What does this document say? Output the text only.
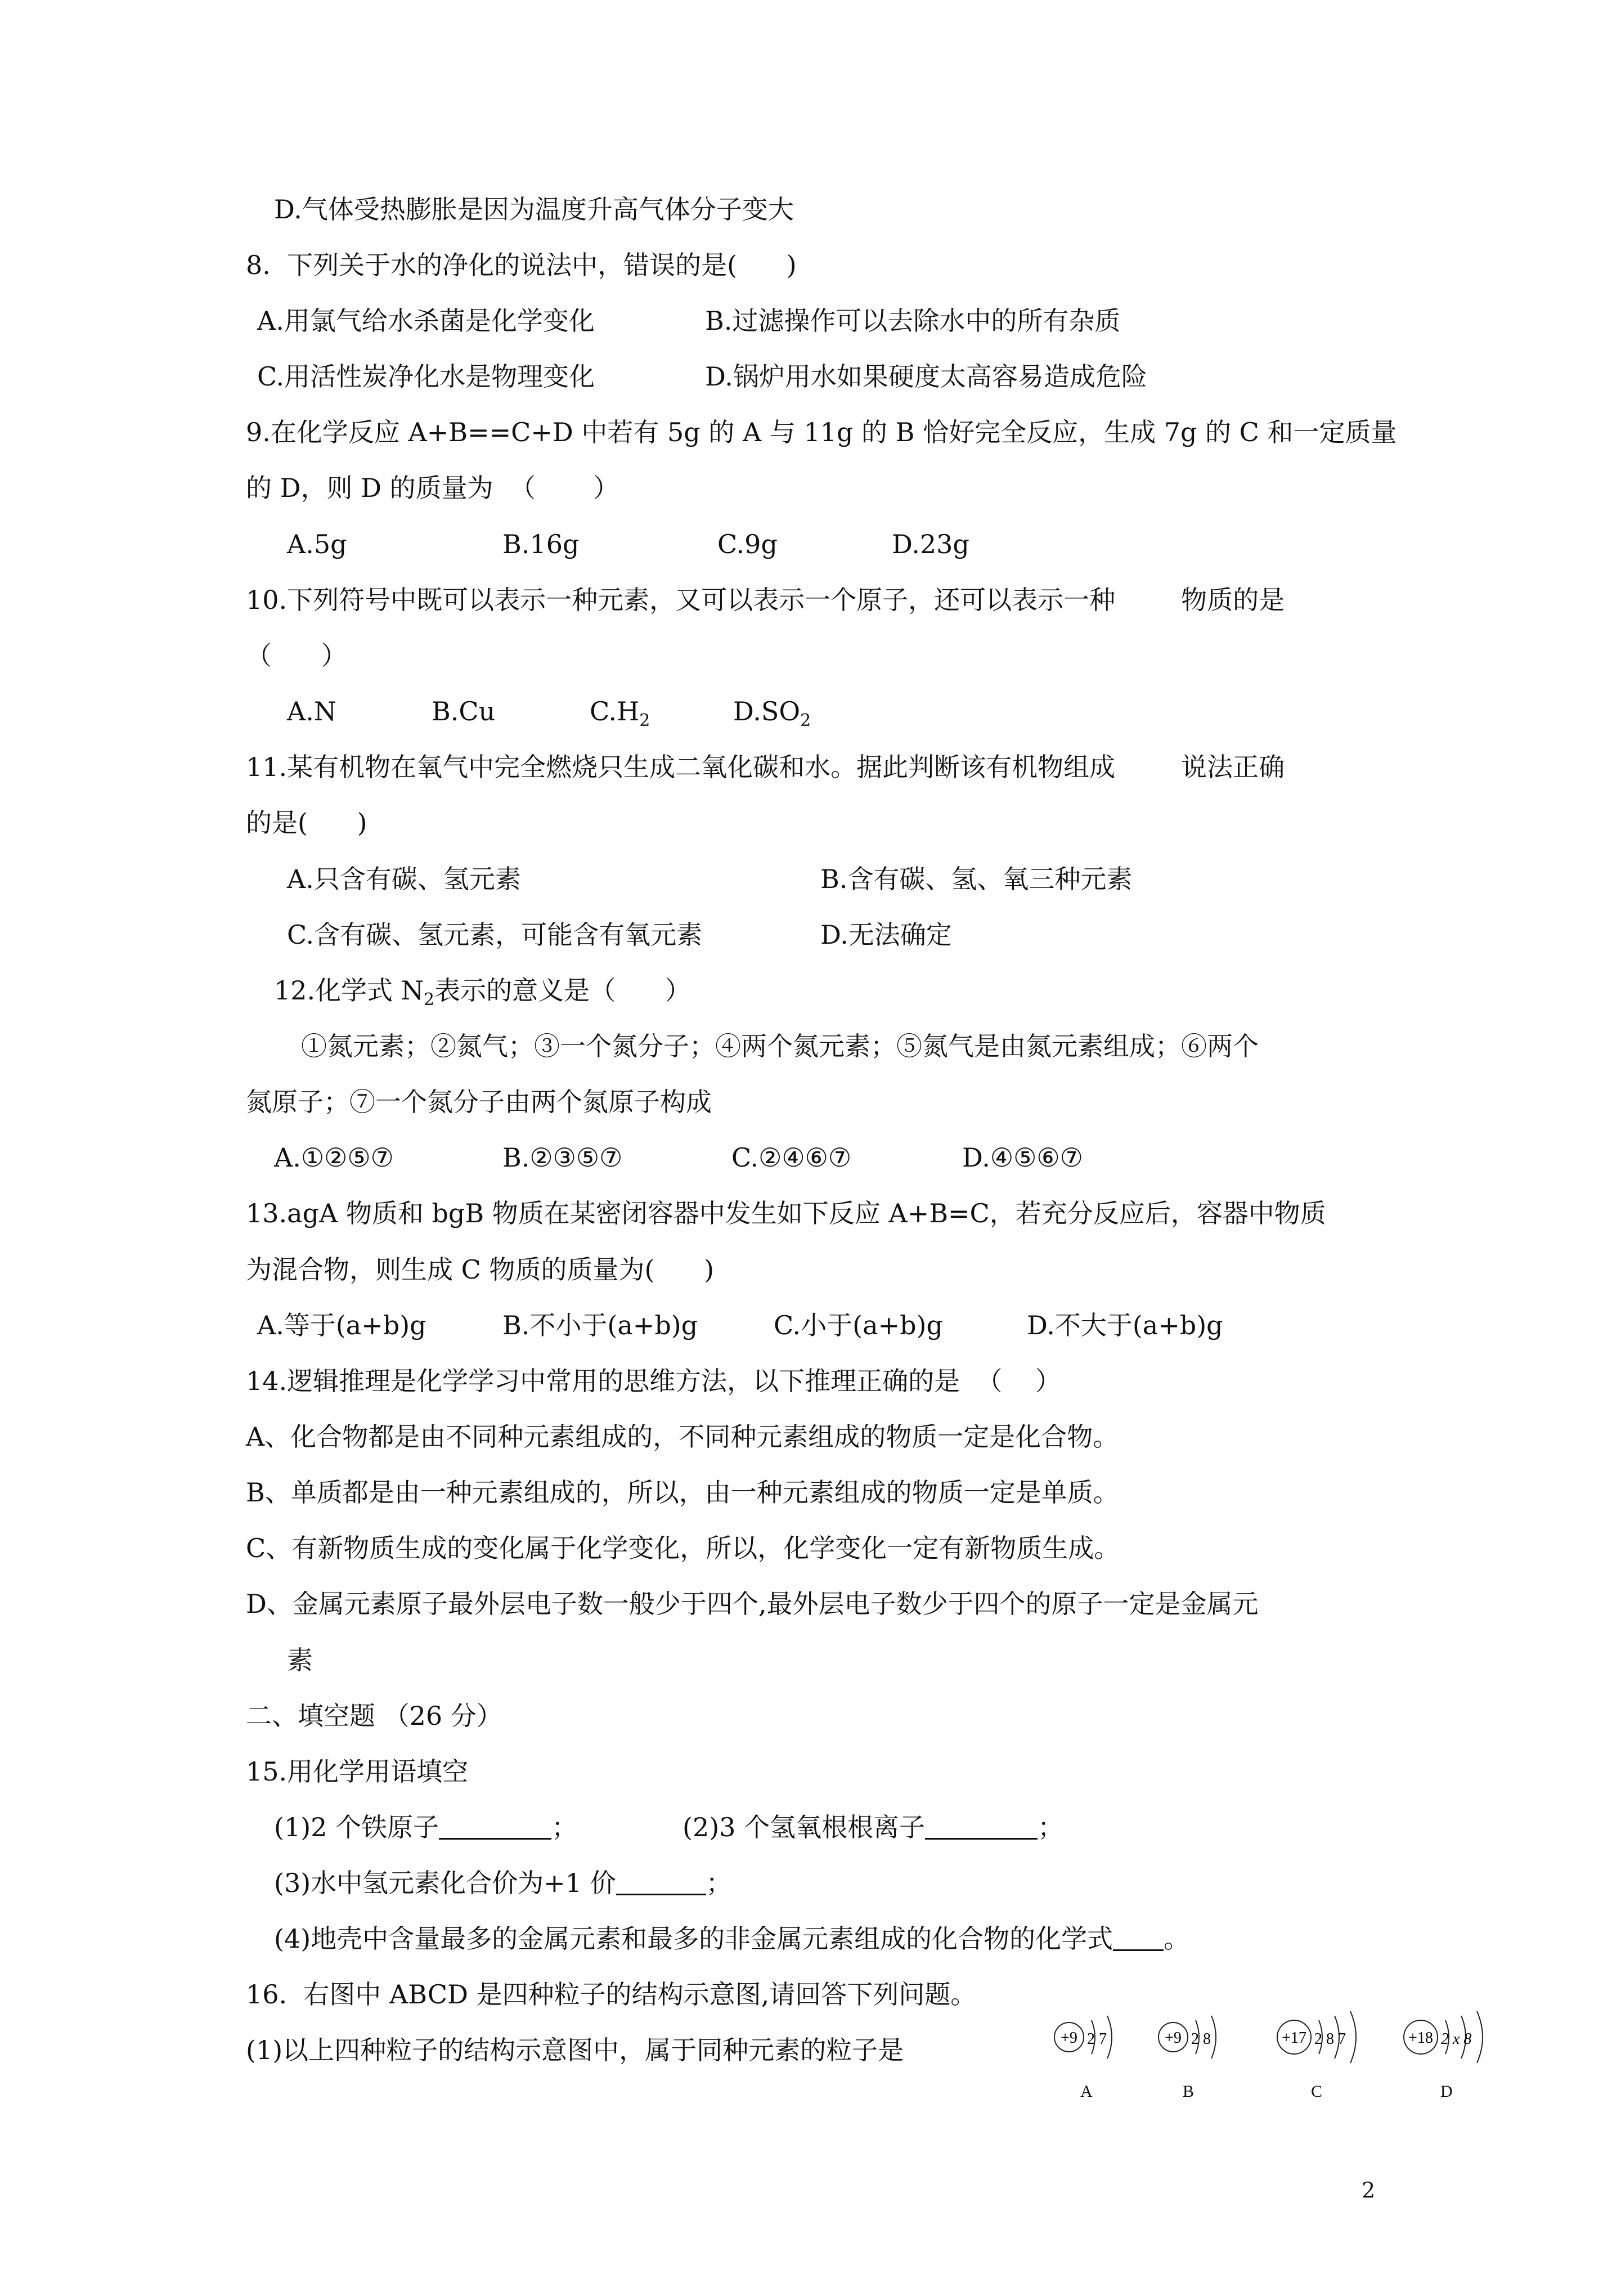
D.气体受热膨胀是因为温度升高气体分子变大
8.  下列关于水的净化的说法中，错误的是(      )
A.用氯气给水杀菌是化学变化	B.过滤操作可以去除水中的所有杂质
C.用活性炭净化水是物理变化	D.锅炉用水如果硬度太高容易造成危险
9.在化学反应 A+B==C+D 中若有 5g 的 A 与 11g 的 B 恰好完全反应，生成 7g 的 C 和一定质量
的 D，则 D 的质量为  （       ）
A.5g	B.16g	C.9g	D.23g
10.下列符号中既可以表示一种元素，又可以表示一个原子，还可以表示一种        物质的是
（      ）
A.N	B.Cu	$C.H_2$	$D.SO_2$
11.某有机物在氧气中完全燃烧只生成二氧化碳和水。据此判断该有机物组成        说法正确
的是(      )
A.只含有碳、氢元素	B.含有碳、氢、氧三种元素
C.含有碳、氢元素，可能含有氧元素	D.无法确定
12.化学式 $N_2$表示的意义是（      ）
①氮元素；②氮气；③一个氮分子；④两个氮元素；⑤氮气是由氮元素组成；⑥两个
氮原子；⑦一个氮分子由两个氮原子构成
A.①②⑤⑦	B.②③⑤⑦	C.②④⑥⑦	D.④⑤⑥⑦
13.agA 物质和 bgB 物质在某密闭容器中发生如下反应 A+B=C，若充分反应后，容器中物质
为混合物，则生成 C 物质的质量为(      )
A.等于(a+b)g	B.不小于(a+b)g	C.小于(a+b)g	D.不大于(a+b)g
14.逻辑推理是化学学习中常用的思维方法，以下推理正确的是  （    ）
A、化合物都是由不同种元素组成的，不同种元素组成的物质一定是化合物。
B、单质都是由一种元素组成的，所以，由一种元素组成的物质一定是单质。
C、有新物质生成的变化属于化学变化，所以，化学变化一定有新物质生成。
D、金属元素原子最外层电子数一般少于四个,最外层电子数少于四个的原子一定是金属元
素
二、填空题 （26 分）
15.用化学用语填空
(1)2 个铁原子	；	(2)3 个氢氧根根离子	；
(3)水中氢元素化合价为+1 价	；
(4)地壳中含量最多的金属元素和最多的非金属元素组成的化合物的化学式 。
16.  右图中 ABCD 是四种粒子的结构示意图,请回答下列问题。
(1)以上四种粒子的结构示意图中，属于同种元素的粒子是	+9 2 7	+9 2 8	+17 2 8 7	+18 2 x 8
A	B	C	D
2
